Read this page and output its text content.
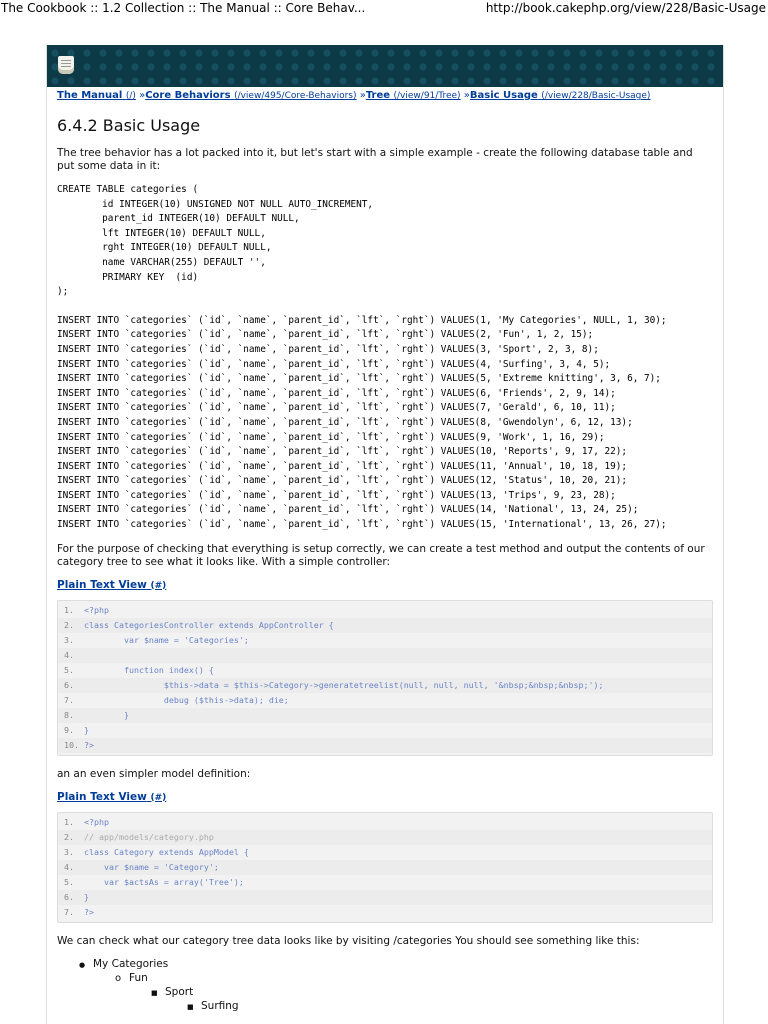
The Cookbook :: 1.2 Collection :: The Manual :: Core Behav...	http://book.cakephp.org/view/228/Basic-Usage
The Manual (/) »Core Behaviors (/view/495/Core-Behaviors) »Tree (/view/91/Tree) »Basic Usage (/view/228/Basic-Usage)
6.4.2 Basic Usage

The tree behavior has a lot packed into it, but let's start with a simple example - create the following database table and put some data in it:

CREATE TABLE categories (
id INTEGER(10) UNSIGNED NOT NULL AUTO_INCREMENT,
parent_id INTEGER(10) DEFAULT NULL,
lft INTEGER(10) DEFAULT NULL,
rght INTEGER(10) DEFAULT NULL,
name VARCHAR(255) DEFAULT '',
PRIMARY KEY  (id)
);
INSERT INTO `categories` (`id`, `name`, `parent_id`, `lft`, `rght`) VALUES(1, 'My Categories', NULL, 1, 30);
INSERT INTO `categories` (`id`, `name`, `parent_id`, `lft`, `rght`) VALUES(2, 'Fun', 1, 2, 15);
INSERT INTO `categories` (`id`, `name`, `parent_id`, `lft`, `rght`) VALUES(3, 'Sport', 2, 3, 8);
INSERT INTO `categories` (`id`, `name`, `parent_id`, `lft`, `rght`) VALUES(4, 'Surfing', 3, 4, 5);
INSERT INTO `categories` (`id`, `name`, `parent_id`, `lft`, `rght`) VALUES(5, 'Extreme knitting', 3, 6, 7);
INSERT INTO `categories` (`id`, `name`, `parent_id`, `lft`, `rght`) VALUES(6, 'Friends', 2, 9, 14);
INSERT INTO `categories` (`id`, `name`, `parent_id`, `lft`, `rght`) VALUES(7, 'Gerald', 6, 10, 11);
INSERT INTO `categories` (`id`, `name`, `parent_id`, `lft`, `rght`) VALUES(8, 'Gwendolyn', 6, 12, 13);
INSERT INTO `categories` (`id`, `name`, `parent_id`, `lft`, `rght`) VALUES(9, 'Work', 1, 16, 29);
INSERT INTO `categories` (`id`, `name`, `parent_id`, `lft`, `rght`) VALUES(10, 'Reports', 9, 17, 22);
INSERT INTO `categories` (`id`, `name`, `parent_id`, `lft`, `rght`) VALUES(11, 'Annual', 10, 18, 19);
INSERT INTO `categories` (`id`, `name`, `parent_id`, `lft`, `rght`) VALUES(12, 'Status', 10, 20, 21);
INSERT INTO `categories` (`id`, `name`, `parent_id`, `lft`, `rght`) VALUES(13, 'Trips', 9, 23, 28);
INSERT INTO `categories` (`id`, `name`, `parent_id`, `lft`, `rght`) VALUES(14, 'National', 13, 24, 25);
INSERT INTO `categories` (`id`, `name`, `parent_id`, `lft`, `rght`) VALUES(15, 'International', 13, 26, 27);

For the purpose of checking that everything is setup correctly, we can create a test method and output the contents of our category tree to see what it looks like. With a simple controller:

Plain Text View (#)
1. <?php
2. class CategoriesController extends AppController {
3.        var $name = 'Categories';
4.
5.        function index() {
6.                $this->data = $this->Category->generatetreelist(null, null, null, '&nbsp;&nbsp;&nbsp;');
7.                debug ($this->data); die;
8.        }
9. }
10. ?>

an an even simpler model definition:

Plain Text View (#)
1. <?php
2. // app/models/category.php
3. class Category extends AppModel {
4.    var $name = 'Category';
5.    var $actsAs = array('Tree');
6. }
7. ?>

We can check what our category tree data looks like by visiting /categories You should see something like this:

● My Categories
o Fun
■ Sport
■ Surfing
